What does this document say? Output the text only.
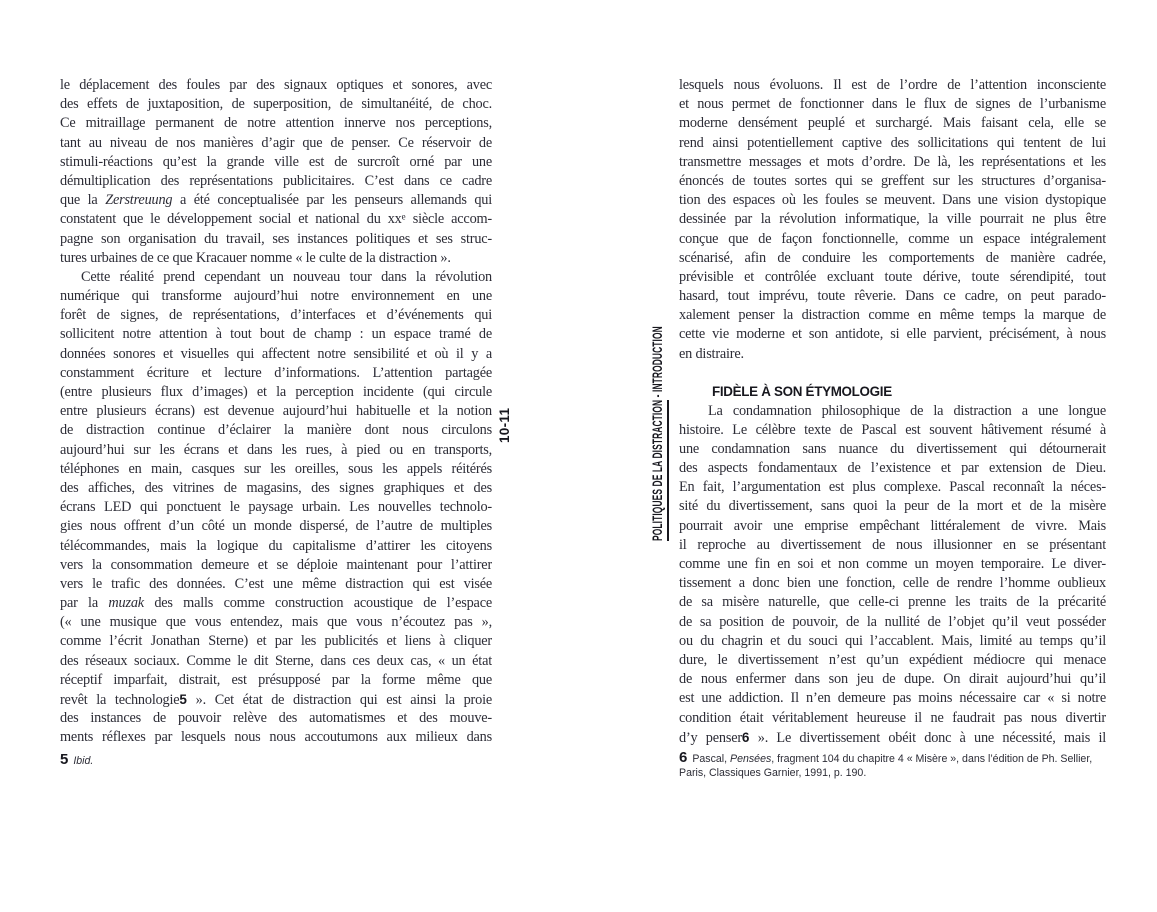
le déplacement des foules par des signaux optiques et sonores, avec
des effets de juxtaposition, de superposition, de simultanéité, de choc.
Ce mitraillage permanent de notre attention innerve nos perceptions,
tant au niveau de nos manières d’agir que de penser. Ce réservoir de
stimuli-réactions qu’est la grande ville est de surcroît orné par une
démultiplication des représentations publicitaires. C’est dans ce cadre
que la Zerstreuung a été conceptualisée par les penseurs allemands qui
constatent que le développement social et national du $xx^e$ siècle accom-
pagne son organisation du travail, ses instances politiques et ses struc-
tures urbaines de ce que Kracauer nomme « le culte de la distraction ».
Cette réalité prend cependant un nouveau tour dans la révolution
numérique qui transforme aujourd’hui notre environnement en une
forêt de signes, de représentations, d’interfaces et d’événements qui
sollicitent notre attention à tout bout de champ : un espace tramé de
données sonores et visuelles qui affectent notre sensibilité et où il y a
constamment écriture et lecture d’informations. L’attention partagée
(entre plusieurs flux d’images) et la perception incidente (qui circule
entre plusieurs écrans) est devenue aujourd’hui habituelle et la notion
de distraction continue d’éclairer la manière dont nous circulons
aujourd’hui sur les écrans et dans les rues, à pied ou en transports,
téléphones en main, casques sur les oreilles, sous les appels réitérés
des affiches, des vitrines de magasins, des signes graphiques et des
écrans LED qui ponctuent le paysage urbain. Les nouvelles technolo-
gies nous offrent d’un côté un monde dispersé, de l’autre de multiples
télécommandes, mais la logique du capitalisme d’attirer les citoyens
vers la consommation demeure et se déploie maintenant pour l’attirer
vers le trafic des données. C’est une même distraction qui est visée
par la muzak des malls comme construction acoustique de l’espace
(« une musique que vous entendez, mais que vous n’écoutez pas »,
comme l’écrit Jonathan Sterne) et par les publicités et liens à cliquer
des réseaux sociaux. Comme le dit Sterne, dans ces deux cas, « un état
réceptif imparfait, distrait, est présupposé par la forme même que
revêt la technologie5 ». Cet état de distraction qui est ainsi la proie
des instances de pouvoir relève des automatismes et des mouve-
ments réflexes par lesquels nous nous accoutumons aux milieux dans
5 Ibid.
10-11	POLITIQUES DE LA DISTRACTION - INTRODUCTION
lesquels nous évoluons. Il est de l’ordre de l’attention inconsciente
et nous permet de fonctionner dans le flux de signes de l’urbanisme
moderne densément peuplé et surchargé. Mais faisant cela, elle se
rend ainsi potentiellement captive des sollicitations qui tentent de lui
transmettre messages et mots d’ordre. De là, les représentations et les
énoncés de toutes sortes qui se greffent sur les structures d’organisa-
tion des espaces où les foules se meuvent. Dans une vision dystopique
dessinée par la révolution informatique, la ville pourrait ne plus être
conçue que de façon fonctionnelle, comme un espace intégralement
scénarisé, afin de conduire les comportements de manière cadrée,
prévisible et contrôlée excluant toute dérive, toute sérendipité, tout
hasard, tout imprévu, toute rêverie. Dans ce cadre, on peut parado-
xalement penser la distraction comme en même temps la marque de
cette vie moderne et son antidote, si elle parvient, précisément, à nous
en distraire.
FIDÈLE À SON ÉTYMOLOGIE
La condamnation philosophique de la distraction a une longue
histoire. Le célèbre texte de Pascal est souvent hâtivement résumé à
une condamnation sans nuance du divertissement qui détournerait
des aspects fondamentaux de l’existence et par extension de Dieu.
En fait, l’argumentation est plus complexe. Pascal reconnaît la néces-
sité du divertissement, sans quoi la peur de la mort et de la misère
pourrait avoir une emprise empêchant littéralement de vivre. Mais
il reproche au divertissement de nous illusionner en se présentant
comme une fin en soi et non comme un moyen temporaire. Le diver-
tissement a donc bien une fonction, celle de rendre l’homme oublieux
de sa misère naturelle, que celle-ci prenne les traits de la précarité
de sa position de pouvoir, de la nullité de l’objet qu’il veut posséder
ou du chagrin et du souci qui l’accablent. Mais, limité au temps qu’il
dure, le divertissement n’est qu’un expédient médiocre qui menace
de nous enfermer dans son jeu de dupe. On dirait aujourd’hui qu’il
est une addiction. Il n’en demeure pas moins nécessaire car « si notre
condition était véritablement heureuse il ne faudrait pas nous divertir
d’y penser6 ». Le divertissement obéit donc à une nécessité, mais il
6 Pascal, Pensées, fragment 104 du chapitre 4 « Misère », dans l’édition de Ph. Sellier, Paris, Classiques Garnier, 1991, p. 190.
